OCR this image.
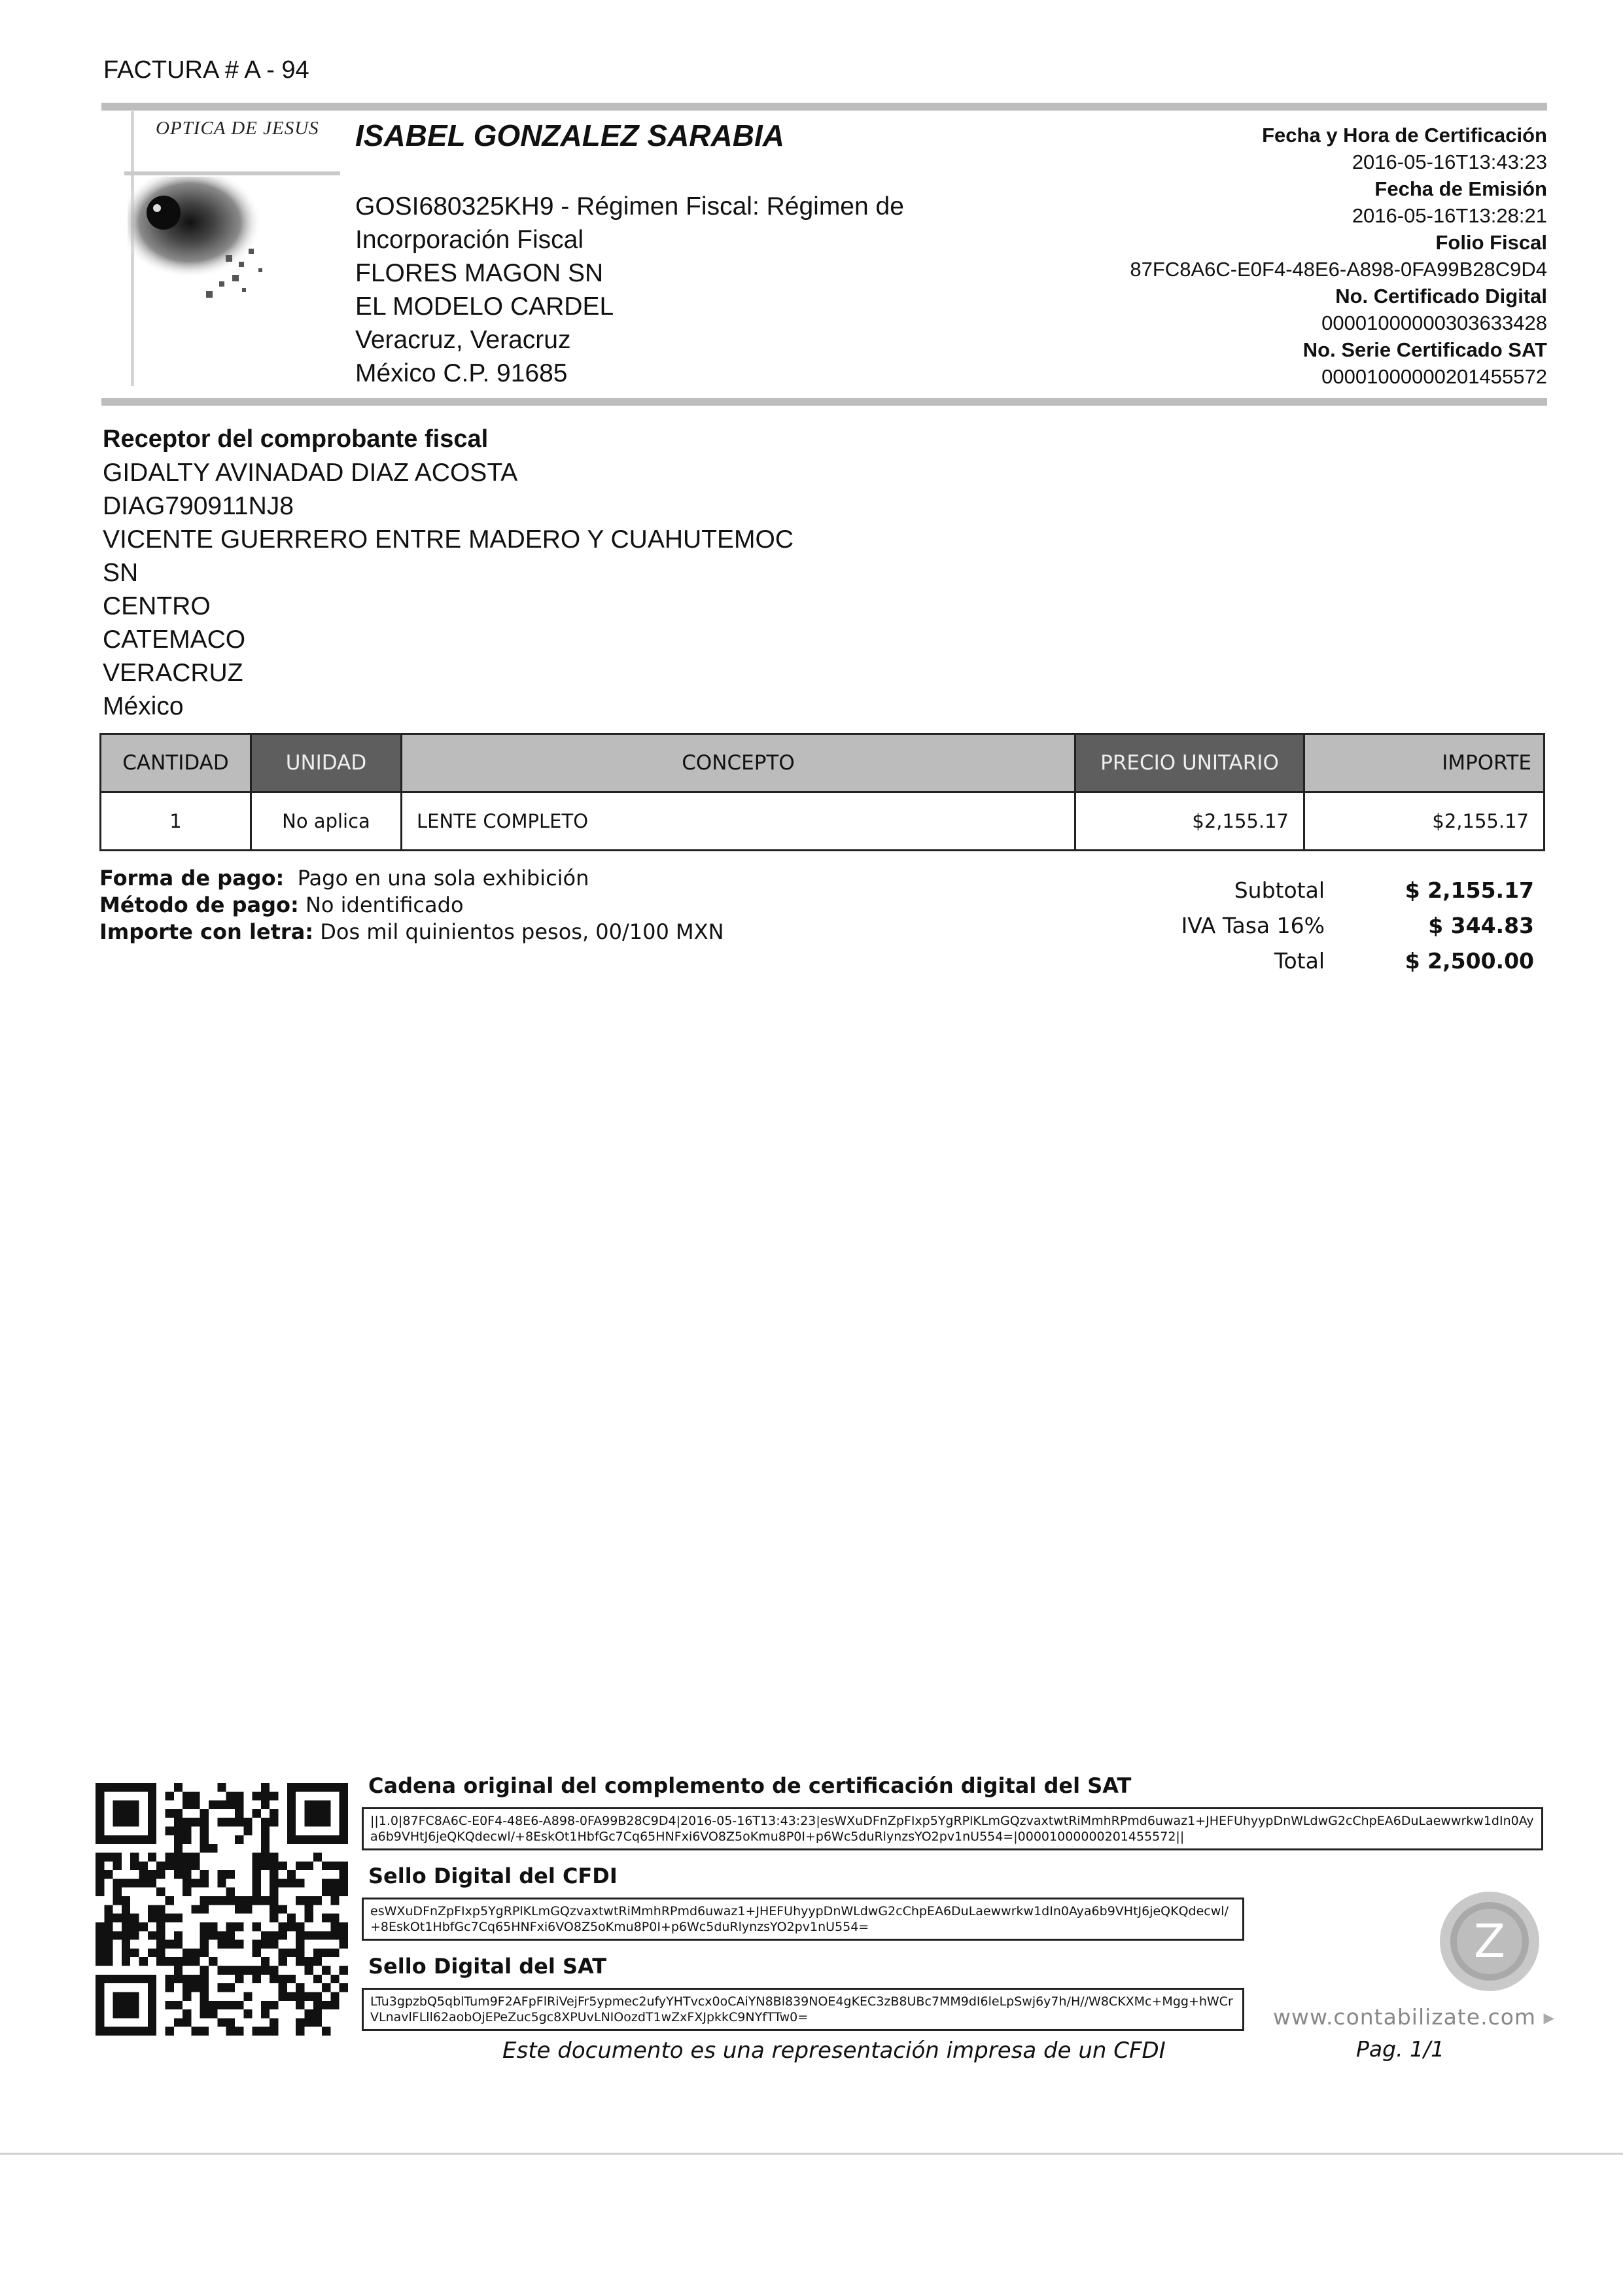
FACTURA # A - 94
OPTICA DE JESUS ISABEL GONZALEZ SARABIA
GOSI680325KH9 - Régimen Fiscal: Régimen de
Incorporación Fiscal
FLORES MAGON SN
EL MODELO CARDEL
Veracruz, Veracruz
México C.P. 91685
Fecha y Hora de Certificación
2016-05-16T13:43:23
Fecha de Emisión
2016-05-16T13:28:21
Folio Fiscal
87FC8A6C-E0F4-48E6-A898-0FA99B28C9D4
No. Certificado Digital
00001000000303633428
No. Serie Certificado SAT
00001000000201455572
Receptor del comprobante fiscal
GIDALTY AVINADAD DIAZ ACOSTA
DIAG790911NJ8
VICENTE GUERRERO ENTRE MADERO Y CUAHUTEMOC
SN
CENTRO
CATEMACO
VERACRUZ
México
CANTIDAD	UNIDAD	CONCEPTO	PRECIO UNITARIO	IMPORTE
1	No aplica	LENTE COMPLETO	$2,155.17	$2,155.17
Forma de pago: Pago en una sola exhibición
Método de pago: No identificado
Importe con letra: Dos mil quinientos pesos, 00/100 MXN
Subtotal	$ 2,155.17
IVA Tasa 16%	$ 344.83
Total	$ 2,500.00
Cadena original del complemento de certificación digital del SAT
||1.0|87FC8A6C-E0F4-48E6-A898-0FA99B28C9D4|2016-05-16T13:43:23|esWXuDFnZpFIxp5YgRPlKLmGQzvaxtwtRiMmhRPmd6uwaz1+JHEFUhyypDnWLdwG2cChpEA6DuLaewwrkw1dIn0Aya6b9VHtJ6jeQKQdecwl/+8EskOt1HbfGc7Cq65HNFxi6VO8Z5oKmu8P0I+p6Wc5duRlynzsYO2pv1nU554=|00001000000201455572||
Sello Digital del CFDI
esWXuDFnZpFIxp5YgRPlKLmGQzvaxtwtRiMmhRPmd6uwaz1+JHEFUhyypDnWLdwG2cChpEA6DuLaewwrkw1dIn0Aya6b9VHtJ6jeQKQdecwl/+8EskOt1HbfGc7Cq65HNFxi6VO8Z5oKmu8P0I+p6Wc5duRlynzsYO2pv1nU554=
Sello Digital del SAT
LTu3gpzbQ5qblTum9F2AFpFlRiVejFr5ypmec2ufyYHTvcx0oCAiYN8Bl839NOE4gKEC3zB8UBc7MM9dI6leLpSwj6y7h/H//W8CKXMc+Mgg+hWCrVLnavlFLll62aobOjEPeZuc5gc8XPUvLNIOozdT1wZxFXJpkkC9NYfTTw0=
Z
www.contabilizate.com ▸
Este documento es una representación impresa de un CFDI	Pag. 1/1
